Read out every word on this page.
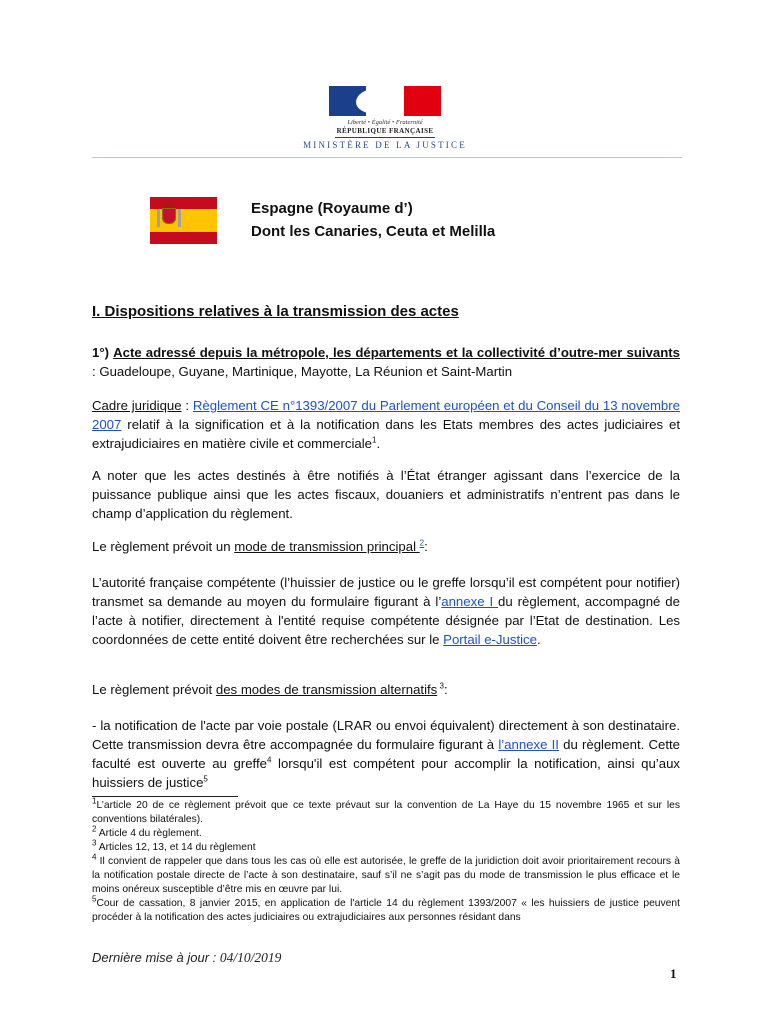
Liberté • Égalité • Fraternité
RÉPUBLIQUE FRANÇAISE
MINISTÈRE DE LA JUSTICE
Espagne (Royaume d’)
Dont les Canaries, Ceuta et Melilla
I. Dispositions relatives à la transmission des actes
1°) Acte adressé depuis la métropole, les départements et la collectivité d’outre-mer suivants : Guadeloupe, Guyane, Martinique, Mayotte, La Réunion et Saint-Martin
Cadre juridique : Règlement CE n°1393/2007 du Parlement européen et du Conseil du 13 novembre 2007 relatif à la signification et à la notification dans les Etats membres des actes judiciaires et extrajudiciaires en matière civile et commerciale$^1$.
A noter que les actes destinés à être notifiés à l’État étranger agissant dans l’exercice de la puissance publique ainsi que les actes fiscaux, douaniers et administratifs n’entrent pas dans le champ d’application du règlement.
Le règlement prévoit un mode de transmission principal $^2$:
L’autorité française compétente (l’huissier de justice ou le greffe lorsqu’il est compétent pour notifier) transmet sa demande au moyen du formulaire figurant à l’annexe I du règlement, accompagné de l’acte à notifier, directement à l'entité requise compétente désignée par l’Etat de destination. Les coordonnées de cette entité doivent être recherchées sur le Portail e-Justice.
Le règlement prévoit des modes de transmission alternatifs $^3$:
- la notification de l'acte par voie postale (LRAR ou envoi équivalent) directement à son destinataire. Cette transmission devra être accompagnée du formulaire figurant à l’annexe II du règlement. Cette faculté est ouverte au greffe$^4$ lorsqu'il est compétent pour accomplir la notification, ainsi qu’aux huissiers de justice$^5$

$^1$L’article 20 de ce règlement prévoit que ce texte prévaut sur la convention de La Haye du 15 novembre 1965 et sur les conventions bilatérales).

$^2$ Article 4 du règlement.

$^3$ Articles 12, 13, et 14 du règlement

$^4$ Il convient de rappeler que dans tous les cas où elle est autorisée, le greffe de la juridiction doit avoir prioritairement recours à la notification postale directe de l’acte à son destinataire, sauf s’il ne s’agit pas du mode de transmission le plus efficace et le moins onéreux susceptible d’être mis en œuvre par lui.

$^5$Cour de cassation, 8 janvier 2015, en application de l'article 14 du règlement 1393/2007 « les huissiers de justice peuvent procéder à la notification des actes judiciaires ou extrajudiciaires aux personnes résidant dans

Dernière mise à jour : 04/10/2019
1
